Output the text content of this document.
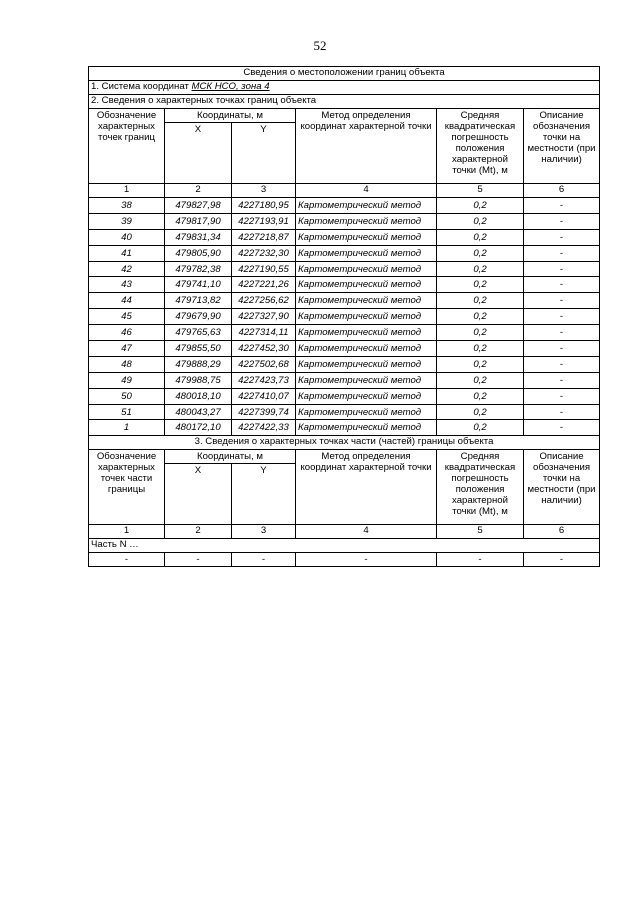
52
Сведения о местоположении границ объекта					
1. Система координат МСК НСО, зона 4					
2. Сведения о характерных точках границ объекта					
Обозначение характерных точек границ	Координаты, м		Метод определения координат характерной точки	Средняя квадратическая погрешность положения характерной точки (Mt), м	Описание обозначения точки на местности (при наличии)
	X	Y			
1	2	3	4	5	6
38	479827,98	4227180,95	Картометрический метод	0,2	-
39	479817,90	4227193,91	Картометрический метод	0,2	-
40	479831,34	4227218,87	Картометрический метод	0,2	-
41	479805,90	4227232,30	Картометрический метод	0,2	-
42	479782,38	4227190,55	Картометрический метод	0,2	-
43	479741,10	4227221,26	Картометрический метод	0,2	-
44	479713,82	4227256,62	Картометрический метод	0,2	-
45	479679,90	4227327,90	Картометрический метод	0,2	-
46	479765,63	4227314,11	Картометрический метод	0,2	-
47	479855,50	4227452,30	Картометрический метод	0,2	-
48	479888,29	4227502,68	Картометрический метод	0,2	-
49	479988,75	4227423,73	Картометрический метод	0,2	-
50	480018,10	4227410,07	Картометрический метод	0,2	-
51	480043,27	4227399,74	Картометрический метод	0,2	-
1	480172,10	4227422,33	Картометрический метод	0,2	-
3. Сведения о характерных точках части (частей) границы объекта					
Обозначение характерных точек части границы	Координаты, м		Метод определения координат характерной точки	Средняя квадратическая погрешность положения характерной точки (Mt), м	Описание обозначения точки на местности (при наличии)
	X	Y			
1	2	3	4	5	6
Часть N …					
-	-	-	-	-	-
